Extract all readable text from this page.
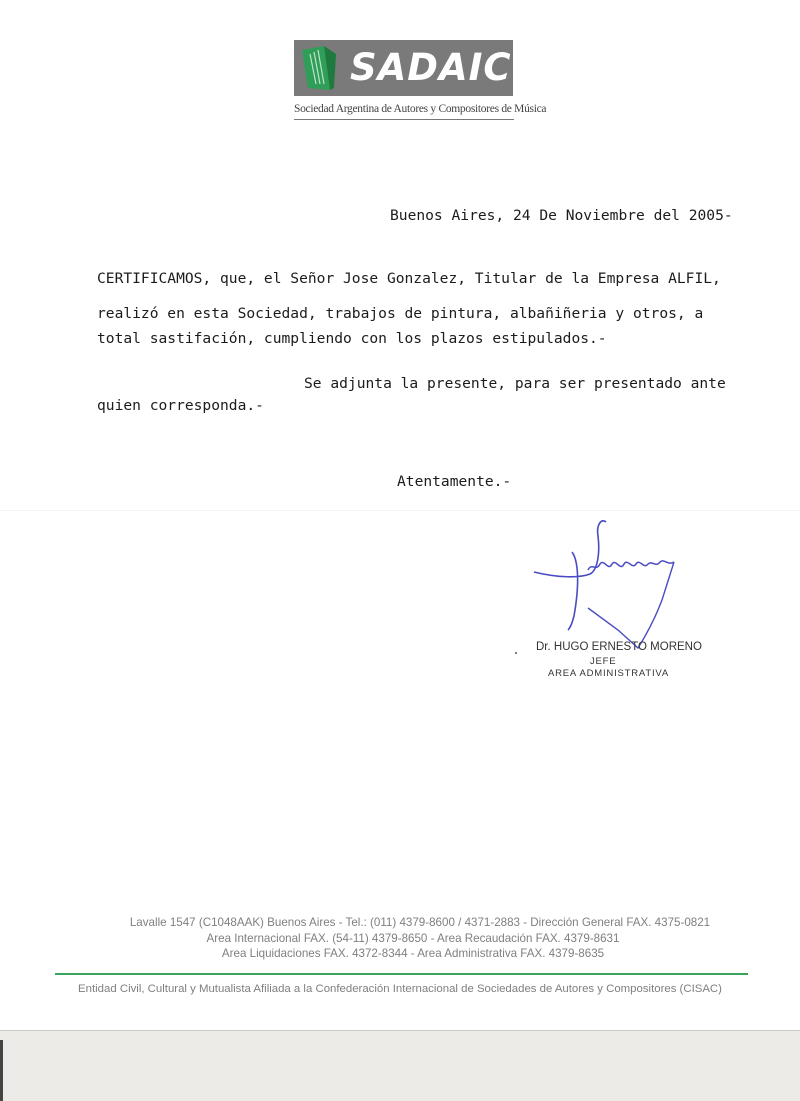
SADAIC
Sociedad Argentina de Autores y Compositores de Música
Buenos Aires, 24 De Noviembre del 2005-
CERTIFICAMOS, que, el Señor Jose Gonzalez, Titular de la Empresa ALFIL,
realizó en esta Sociedad, trabajos de pintura, albañiñeria y otros, a
total sastifación, cumpliendo con los plazos estipulados.-
Se adjunta la presente, para ser presentado ante
quien corresponda.-
Atentamente.-
Dr. HUGO ERNESTO MORENO
JEFE
AREA ADMINISTRATIVA
Lavalle 1547 (C1048AAK) Buenos Aires - Tel.: (011) 4379-8600 / 4371-2883 - Dirección General FAX. 4375-0821
Area Internacional FAX. (54-11) 4379-8650 - Area Recaudación FAX. 4379-8631
Area Liquidaciones FAX. 4372-8344 - Area Administrativa FAX. 4379-8635
Entidad Civil, Cultural y Mutualista Afiliada a la Confederación Internacional de Sociedades de Autores y Compositores (CISAC)
